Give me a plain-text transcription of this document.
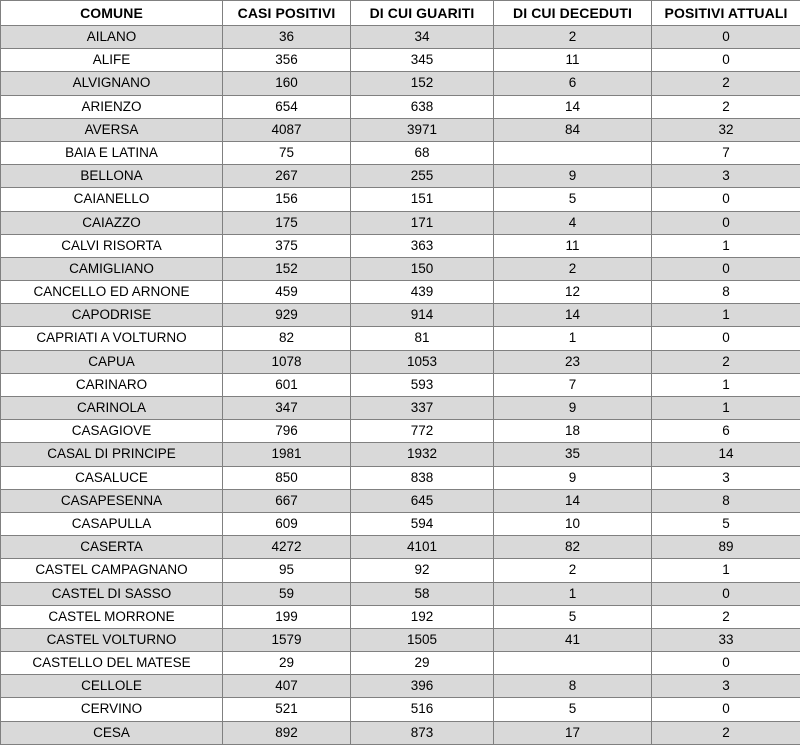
COMUNE	CASI POSITIVI	DI CUI GUARITI	DI CUI DECEDUTI	POSITIVI ATTUALI
AILANO	36	34	2	0
ALIFE	356	345	11	0
ALVIGNANO	160	152	6	2
ARIENZO	654	638	14	2
AVERSA	4087	3971	84	32
BAIA E LATINA	75	68		7
BELLONA	267	255	9	3
CAIANELLO	156	151	5	0
CAIAZZO	175	171	4	0
CALVI RISORTA	375	363	11	1
CAMIGLIANO	152	150	2	0
CANCELLO ED ARNONE	459	439	12	8
CAPODRISE	929	914	14	1
CAPRIATI A VOLTURNO	82	81	1	0
CAPUA	1078	1053	23	2
CARINARO	601	593	7	1
CARINOLA	347	337	9	1
CASAGIOVE	796	772	18	6
CASAL DI PRINCIPE	1981	1932	35	14
CASALUCE	850	838	9	3
CASAPESENNA	667	645	14	8
CASAPULLA	609	594	10	5
CASERTA	4272	4101	82	89
CASTEL CAMPAGNANO	95	92	2	1
CASTEL DI SASSO	59	58	1	0
CASTEL MORRONE	199	192	5	2
CASTEL VOLTURNO	1579	1505	41	33
CASTELLO DEL MATESE	29	29		0
CELLOLE	407	396	8	3
CERVINO	521	516	5	0
CESA	892	873	17	2
